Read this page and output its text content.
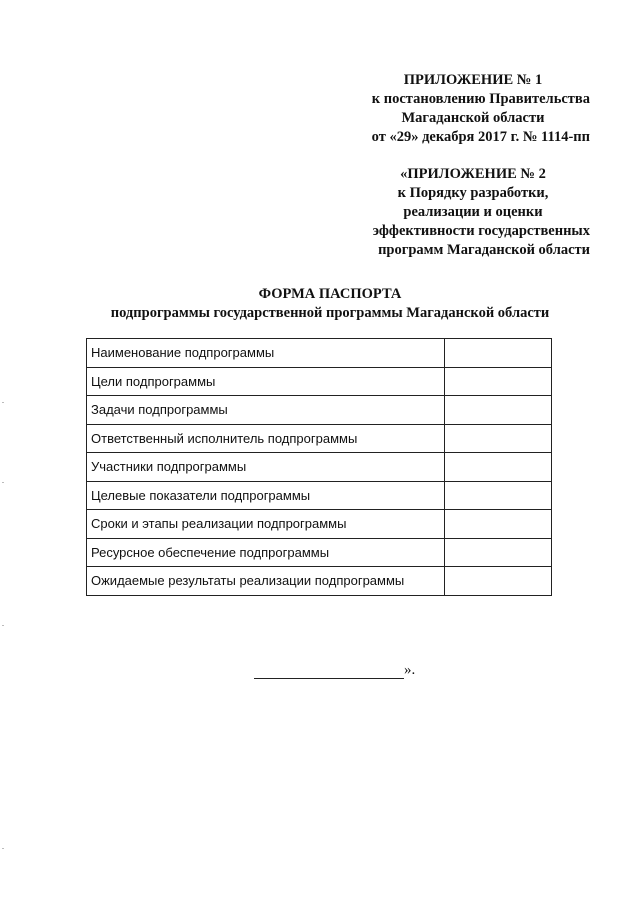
ПРИЛОЖЕНИЕ № 1
к постановлению Правительства
Магаданской области
от «29» декабря 2017 г. № 1114-пп
«ПРИЛОЖЕНИЕ № 2
к Порядку разработки,
реализации и оценки
эффективности государственных
программ Магаданской области
ФОРМА ПАСПОРТА
подпрограммы государственной программы Магаданской области
Наименование подпрограммы	
Цели подпрограммы	
Задачи подпрограммы	
Ответственный исполнитель подпрограммы	
Участники подпрограммы	
Целевые показатели подпрограммы	
Сроки и этапы реализации подпрограммы	
Ресурсное обеспечение подпрограммы	
Ожидаемые результаты реализации подпрограммы	
».
